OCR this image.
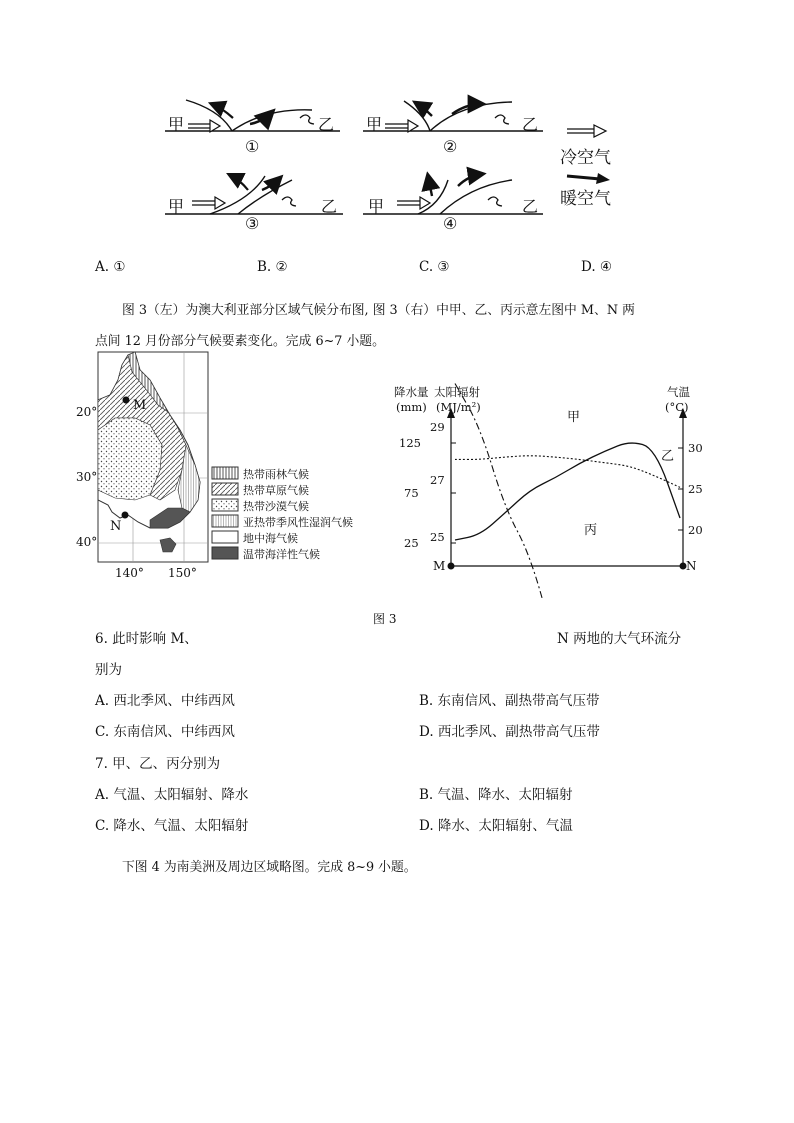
甲	乙
①
甲	乙
②
甲	乙
③
甲	乙
④
冷空气
暖空气
A. ①	B. ②	C. ③	D. ④
图 3（左）为澳大利亚部分区域气候分布图, 图 3（右）中甲、乙、丙示意左图中 M、N 两
点间 12 月份部分气候要素变化。完成 6~7 小题。
20°
30°
40°
140° 150°
M
N
热带雨林气候
热带草原气候
热带沙漠气候
亚热带季风性湿润气候
地中海气候
温带海洋性气候
降水量 太阳辐射
(mm) (MJ/m²)
气温
(°C)
125
75
25
29
27
25
30
25
20
M	N
甲
乙
丙
图 3
6. 此时影响 M、	N 两地的大气环流分
别为
A. 西北季风、中纬西风	B. 东南信风、副热带高气压带
C. 东南信风、中纬西风	D. 西北季风、副热带高气压带
7. 甲、乙、丙分别为
A. 气温、太阳辐射、降水	B. 气温、降水、太阳辐射
C. 降水、气温、太阳辐射	D. 降水、太阳辐射、气温
下图 4 为南美洲及周边区域略图。完成 8~9 小题。
